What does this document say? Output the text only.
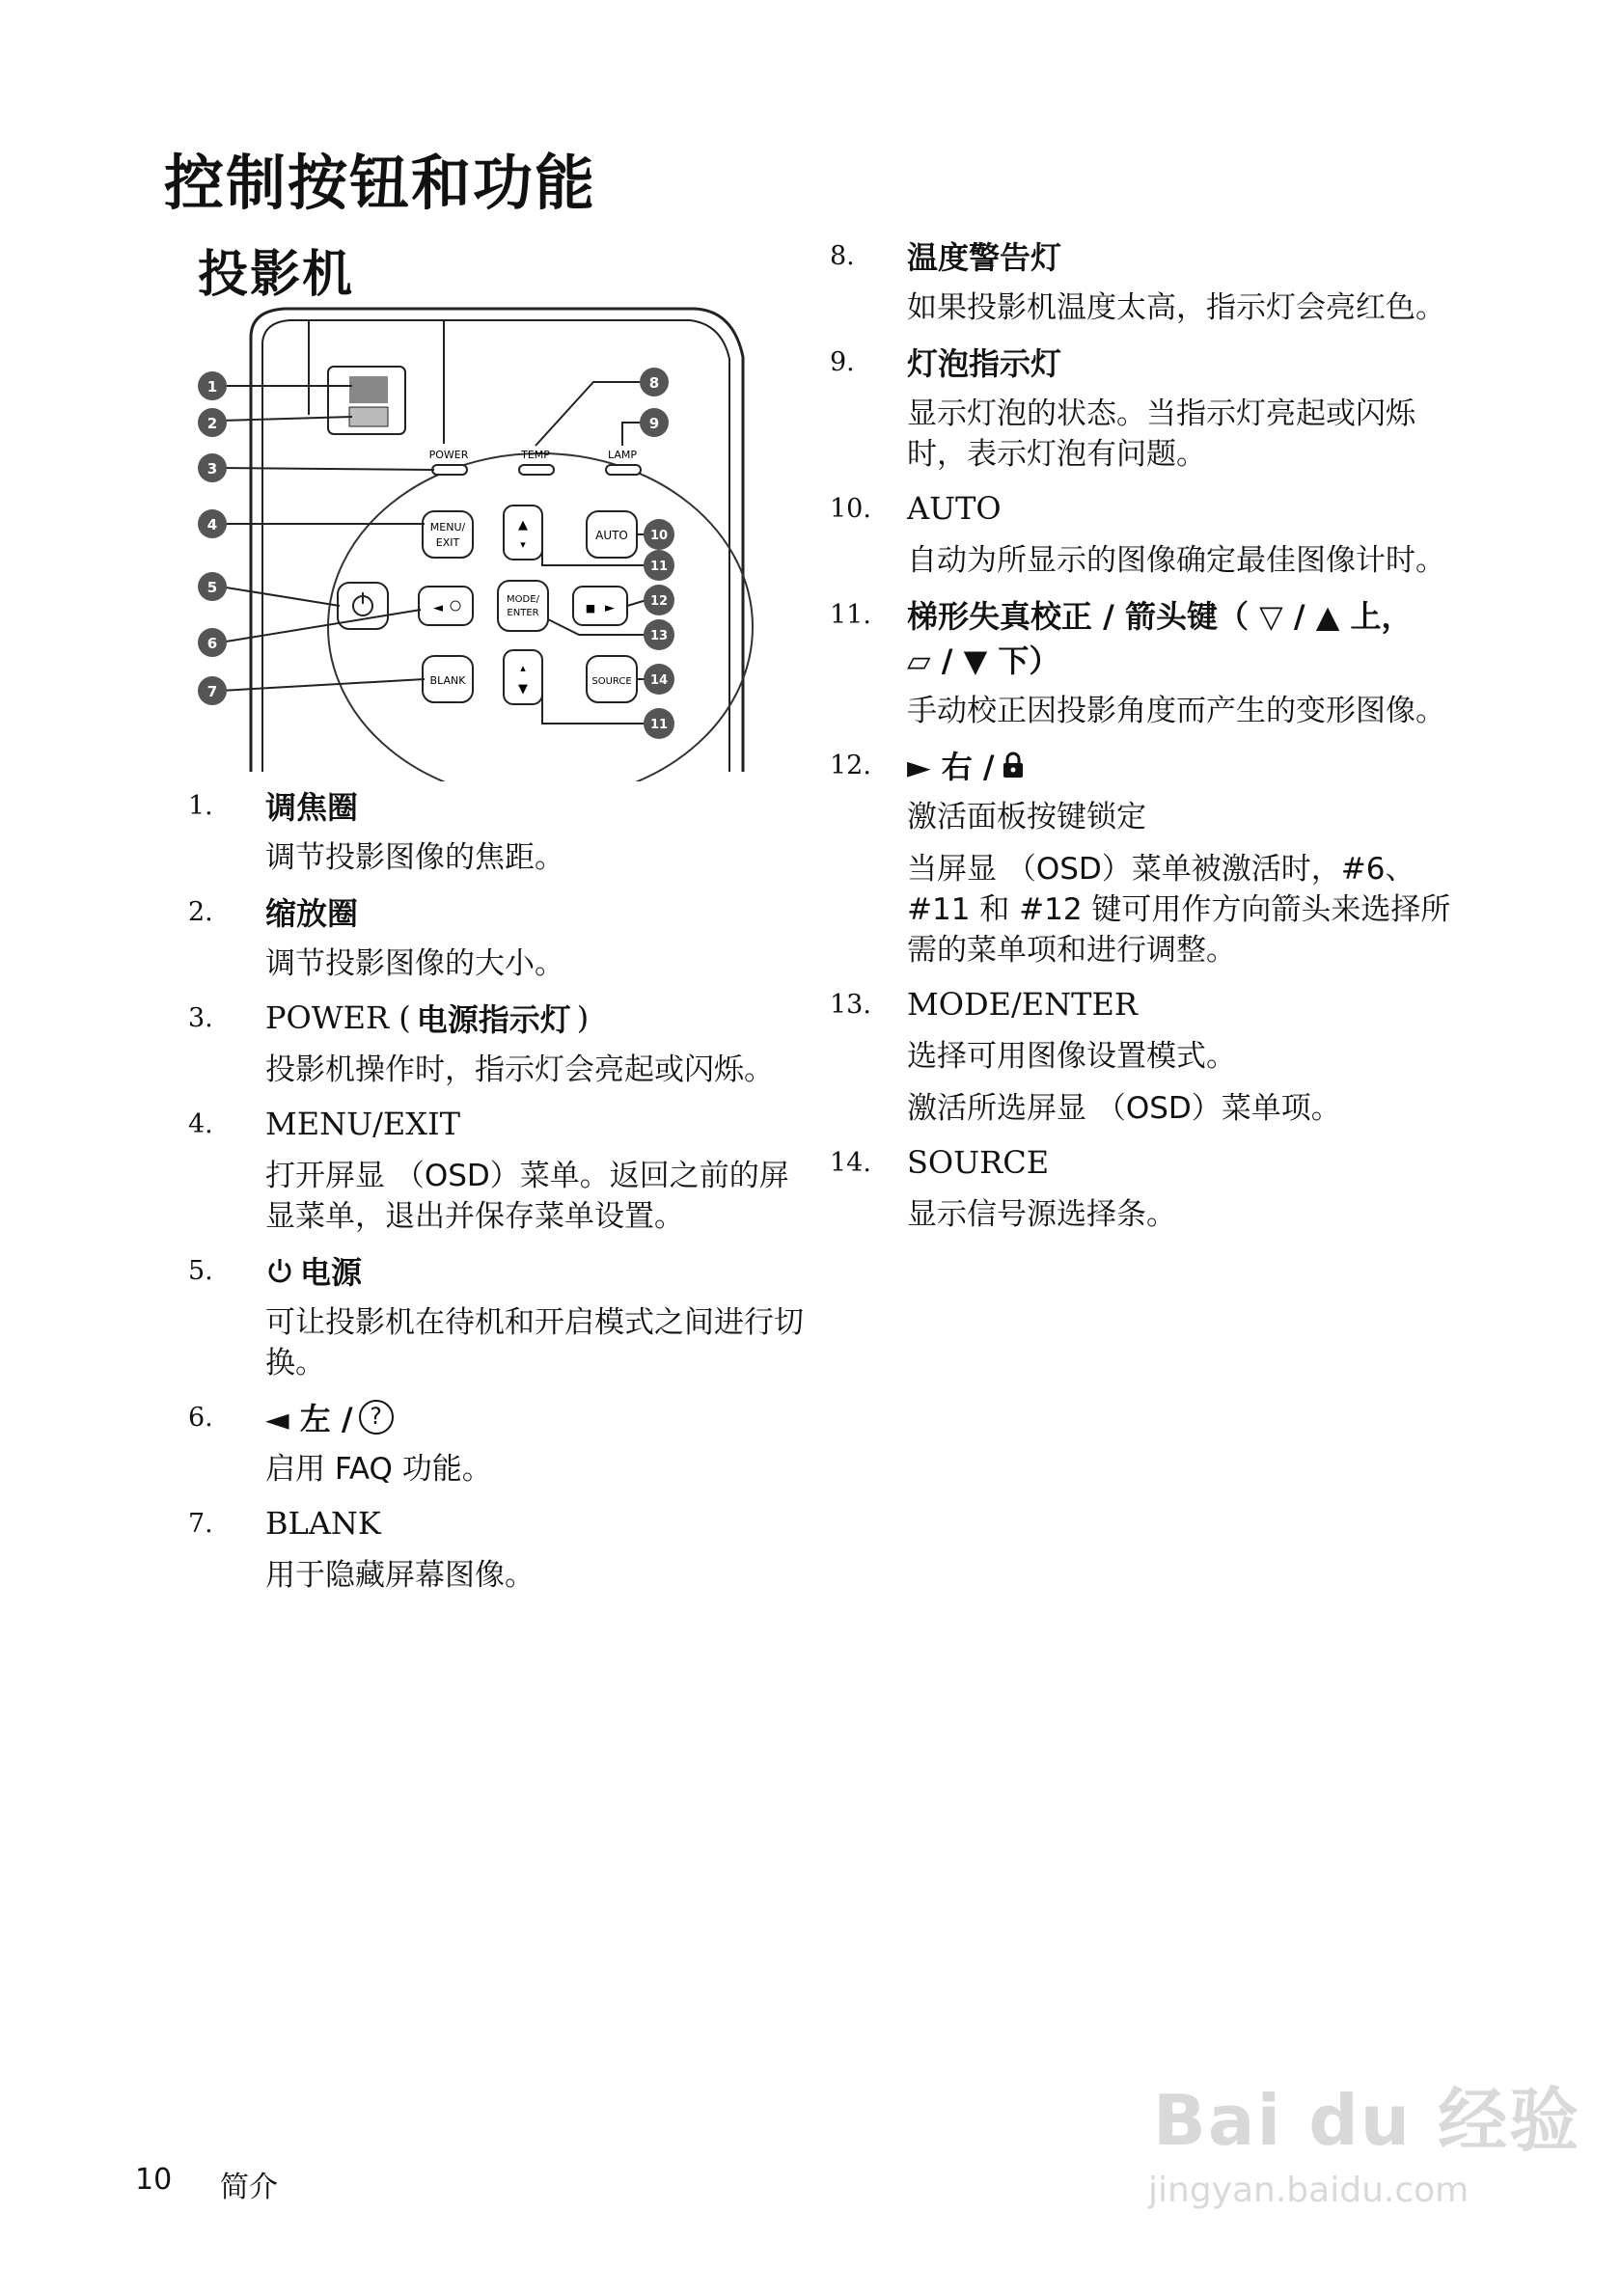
控制按钮和功能
投影机
POWER	TEMP	LAMP
MENU/
EXIT
▲
▾
AUTO
◄
MODE/
ENTER	■ ►
BLANK
▴
▼
SOURCE
1
2
3
4
5
6
7
8
9
10
11
12
13
14
11
1. 调焦圈

调节投影图像的焦距。

2. 缩放圈

调节投影图像的大小。

3. POWER ( 电源指示灯 )

投影机操作时，指示灯会亮起或闪烁。

4. MENU/EXIT

打开屏显 （OSD）菜单。返回之前的屏显菜单，退出并保存菜单设置。

5.	电源

可让投影机在待机和开启模式之间进行切换。

6. ◄ 左 / ?

启用 FAQ 功能。

7. BLANK

用于隐藏屏幕图像。

8. 温度警告灯

如果投影机温度太高，指示灯会亮红色。

9. 灯泡指示灯

显示灯泡的状态。当指示灯亮起或闪烁时，表示灯泡有问题。

10. AUTO

自动为所显示的图像确定最佳图像计时。

11. 梯形失真校正 / 箭头键（ ▽ / ▲ 上，
▱ / ▼ 下）

手动校正因投影角度而产生的变形图像。

12. ► 右 /

激活面板按键锁定

当屏显 （OSD）菜单被激活时，#6、#11 和 #12 键可用作方向箭头来选择所需的菜单项和进行调整。

13. MODE/ENTER

选择可用图像设置模式。

激活所选屏显 （OSD）菜单项。

14. SOURCE

显示信号源选择条。

10 简介
Bai du 经验
jingyan.baidu.com
